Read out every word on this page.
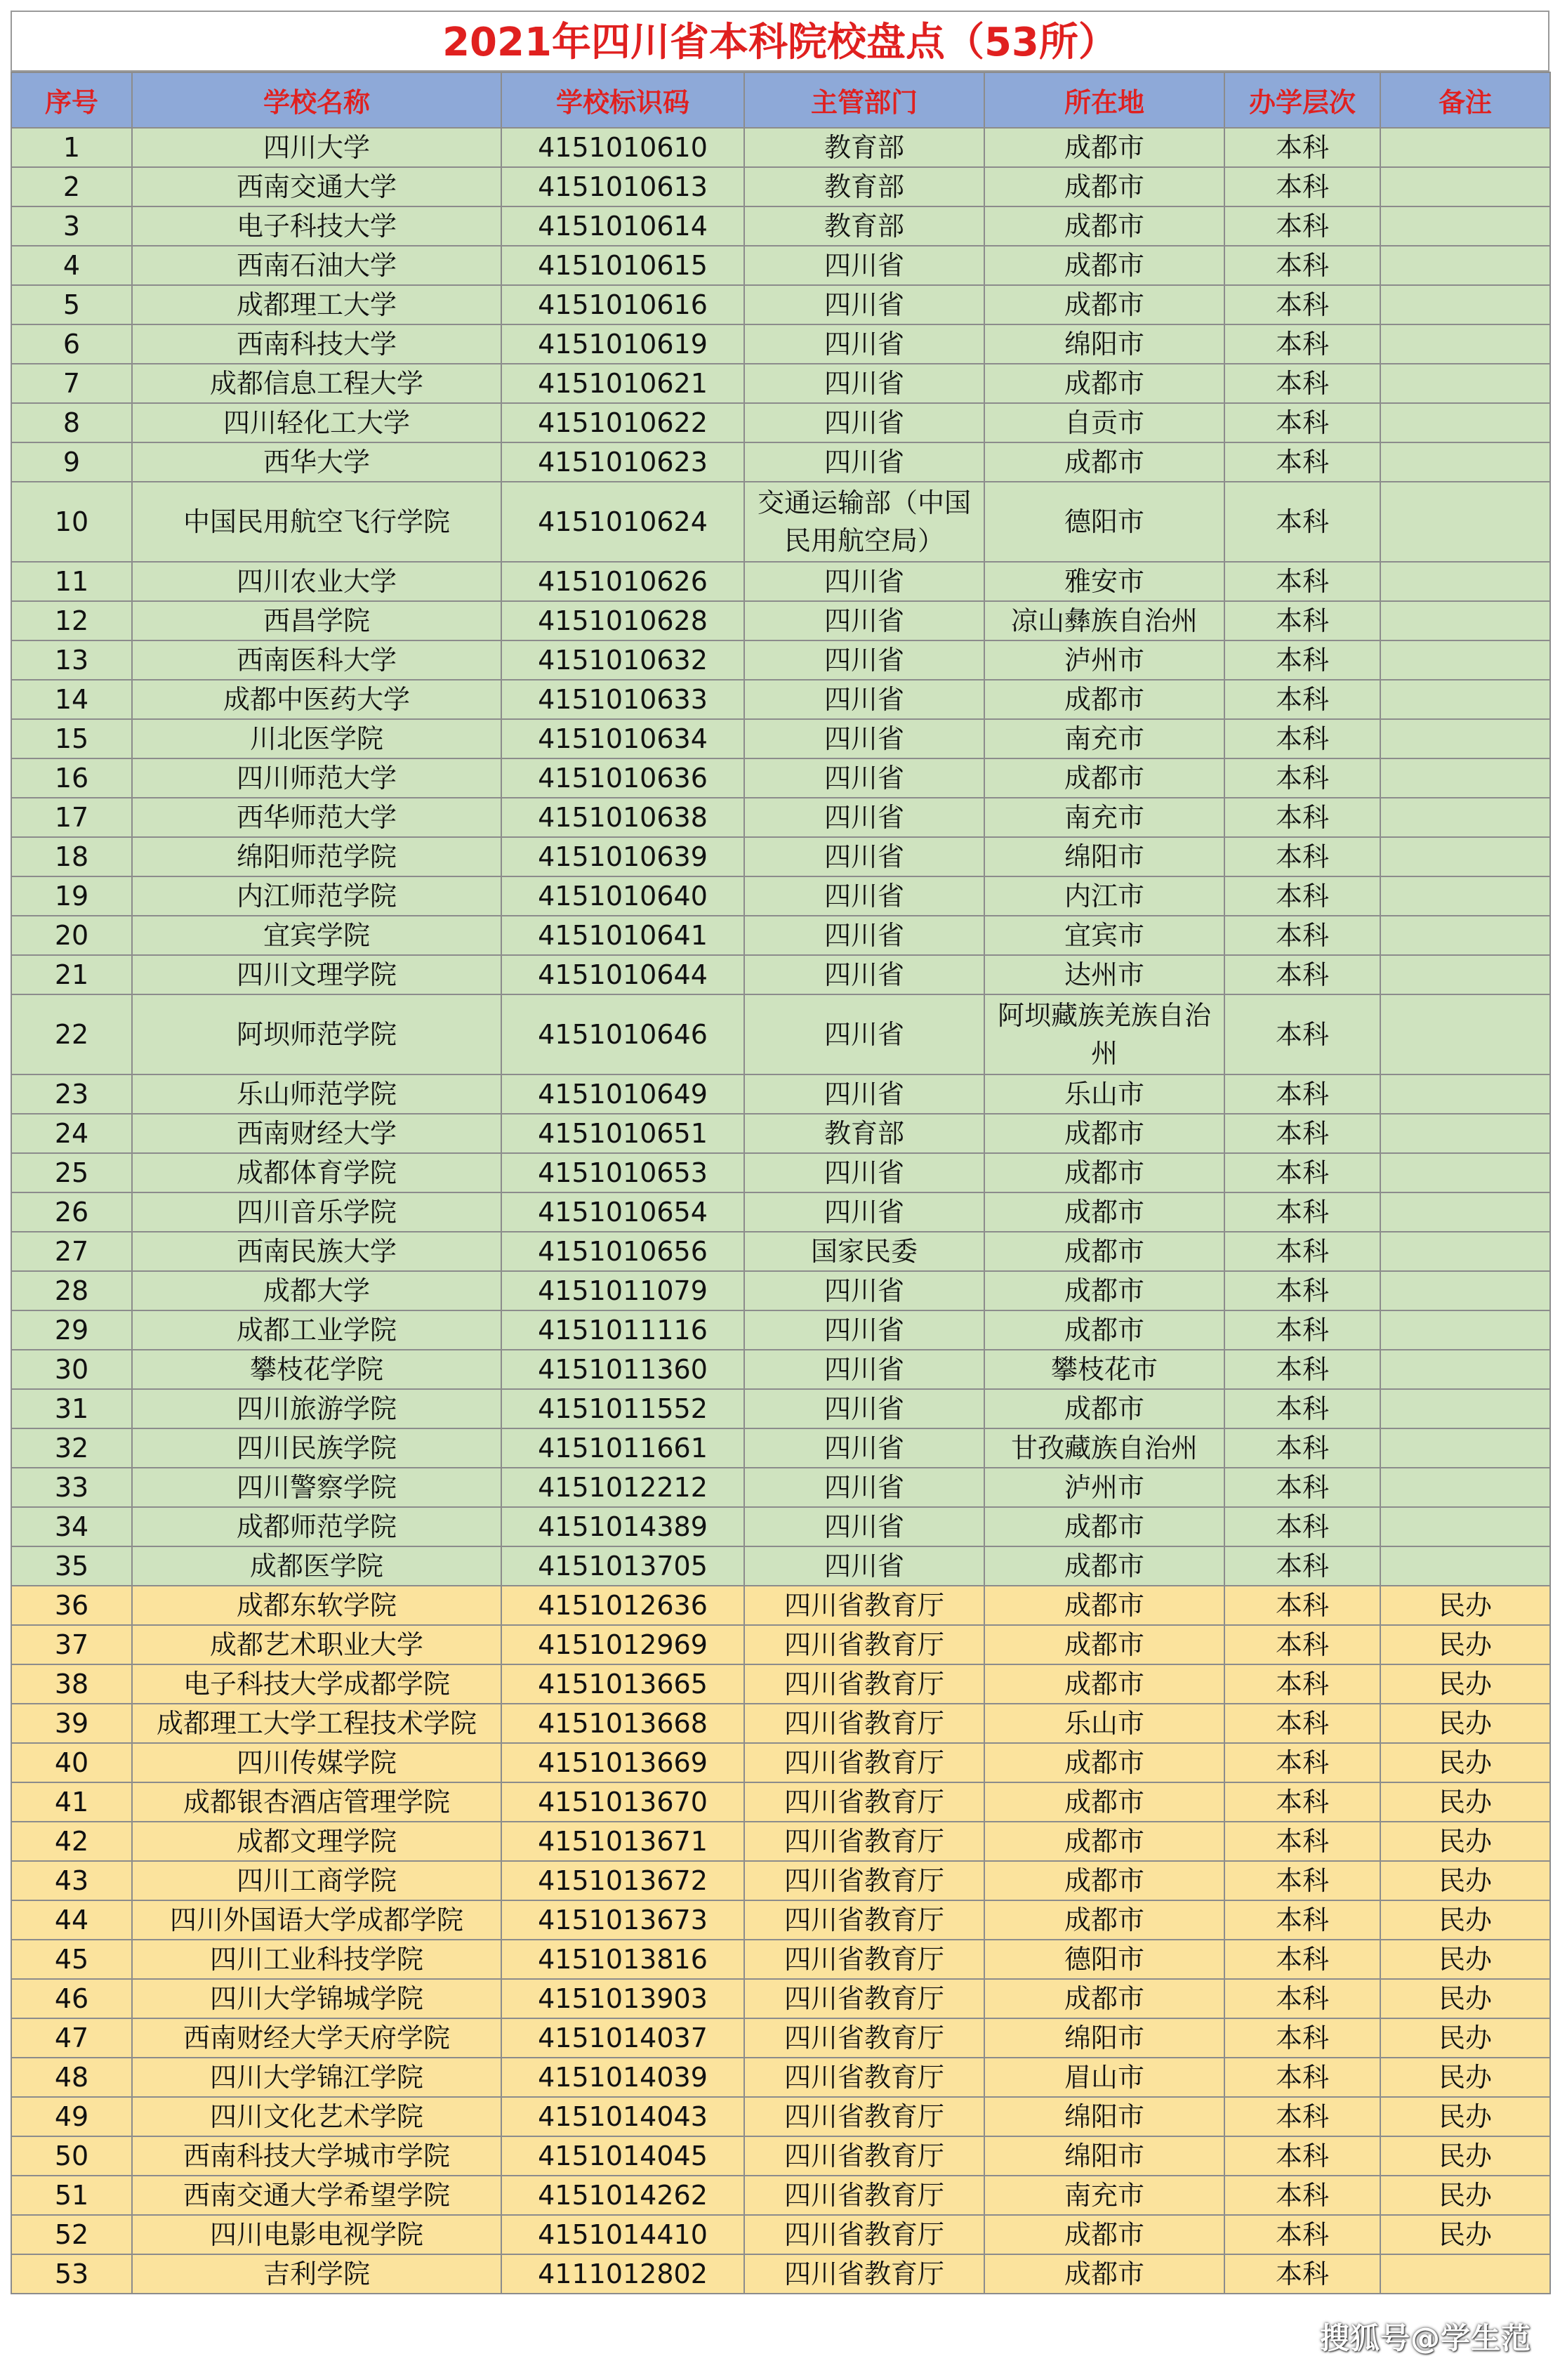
2021年四川省本科院校盘点（53所）
序号	学校名称	学校标识码	主管部门	所在地	办学层次	备注
1	四川大学	4151010610	教育部	成都市	本科	
2	西南交通大学	4151010613	教育部	成都市	本科	
3	电子科技大学	4151010614	教育部	成都市	本科	
4	西南石油大学	4151010615	四川省	成都市	本科	
5	成都理工大学	4151010616	四川省	成都市	本科	
6	西南科技大学	4151010619	四川省	绵阳市	本科	
7	成都信息工程大学	4151010621	四川省	成都市	本科	
8	四川轻化工大学	4151010622	四川省	自贡市	本科	
9	西华大学	4151010623	四川省	成都市	本科	
10	中国民用航空飞行学院	4151010624	交通运输部（中国民用航空局）	德阳市	本科	
11	四川农业大学	4151010626	四川省	雅安市	本科	
12	西昌学院	4151010628	四川省	凉山彝族自治州	本科	
13	西南医科大学	4151010632	四川省	泸州市	本科	
14	成都中医药大学	4151010633	四川省	成都市	本科	
15	川北医学院	4151010634	四川省	南充市	本科	
16	四川师范大学	4151010636	四川省	成都市	本科	
17	西华师范大学	4151010638	四川省	南充市	本科	
18	绵阳师范学院	4151010639	四川省	绵阳市	本科	
19	内江师范学院	4151010640	四川省	内江市	本科	
20	宜宾学院	4151010641	四川省	宜宾市	本科	
21	四川文理学院	4151010644	四川省	达州市	本科	
22	阿坝师范学院	4151010646	四川省	阿坝藏族羌族自治州	本科	
23	乐山师范学院	4151010649	四川省	乐山市	本科	
24	西南财经大学	4151010651	教育部	成都市	本科	
25	成都体育学院	4151010653	四川省	成都市	本科	
26	四川音乐学院	4151010654	四川省	成都市	本科	
27	西南民族大学	4151010656	国家民委	成都市	本科	
28	成都大学	4151011079	四川省	成都市	本科	
29	成都工业学院	4151011116	四川省	成都市	本科	
30	攀枝花学院	4151011360	四川省	攀枝花市	本科	
31	四川旅游学院	4151011552	四川省	成都市	本科	
32	四川民族学院	4151011661	四川省	甘孜藏族自治州	本科	
33	四川警察学院	4151012212	四川省	泸州市	本科	
34	成都师范学院	4151014389	四川省	成都市	本科	
35	成都医学院	4151013705	四川省	成都市	本科	
36	成都东软学院	4151012636	四川省教育厅	成都市	本科	民办
37	成都艺术职业大学	4151012969	四川省教育厅	成都市	本科	民办
38	电子科技大学成都学院	4151013665	四川省教育厅	成都市	本科	民办
39	成都理工大学工程技术学院	4151013668	四川省教育厅	乐山市	本科	民办
40	四川传媒学院	4151013669	四川省教育厅	成都市	本科	民办
41	成都银杏酒店管理学院	4151013670	四川省教育厅	成都市	本科	民办
42	成都文理学院	4151013671	四川省教育厅	成都市	本科	民办
43	四川工商学院	4151013672	四川省教育厅	成都市	本科	民办
44	四川外国语大学成都学院	4151013673	四川省教育厅	成都市	本科	民办
45	四川工业科技学院	4151013816	四川省教育厅	德阳市	本科	民办
46	四川大学锦城学院	4151013903	四川省教育厅	成都市	本科	民办
47	西南财经大学天府学院	4151014037	四川省教育厅	绵阳市	本科	民办
48	四川大学锦江学院	4151014039	四川省教育厅	眉山市	本科	民办
49	四川文化艺术学院	4151014043	四川省教育厅	绵阳市	本科	民办
50	西南科技大学城市学院	4151014045	四川省教育厅	绵阳市	本科	民办
51	西南交通大学希望学院	4151014262	四川省教育厅	南充市	本科	民办
52	四川电影电视学院	4151014410	四川省教育厅	成都市	本科	民办
53	吉利学院	4111012802	四川省教育厅	成都市	本科	
搜狐号@学生范
